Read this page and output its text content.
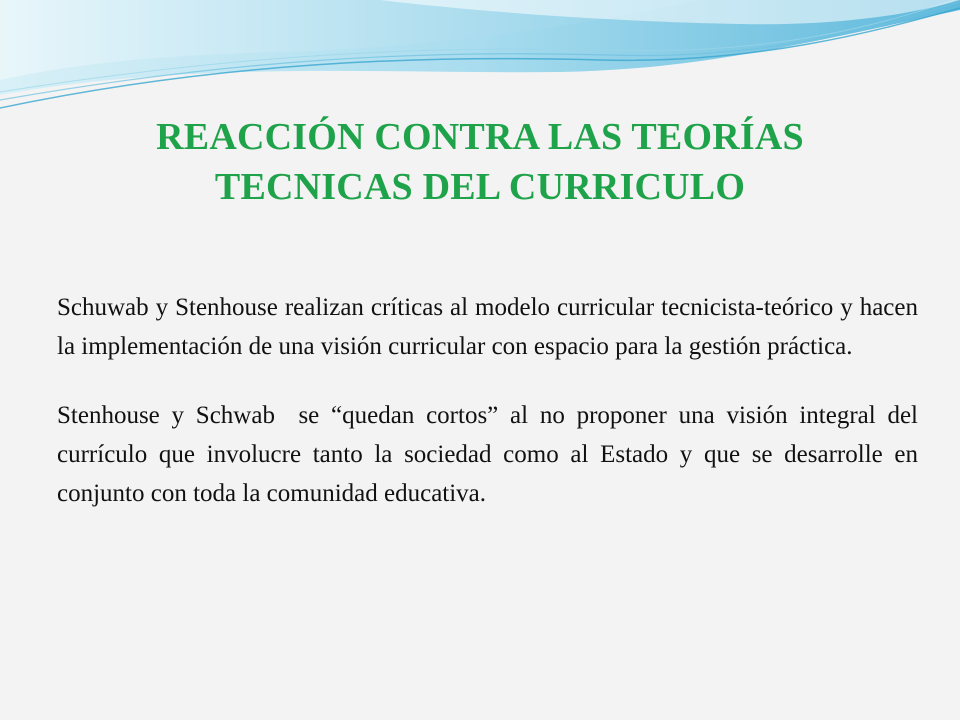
REACCIÓN CONTRA LAS TEORÍAS
TECNICAS DEL CURRICULO

Schuwab y Stenhouse realizan críticas al modelo curricular tecnicista-teórico y hacen la implementación de una visión curricular con espacio para la gestión práctica.

Stenhouse y Schwab  se “quedan cortos” al no proponer una visión integral del currículo que involucre tanto la sociedad como al Estado y que se desarrolle en conjunto con toda la comunidad educativa.
